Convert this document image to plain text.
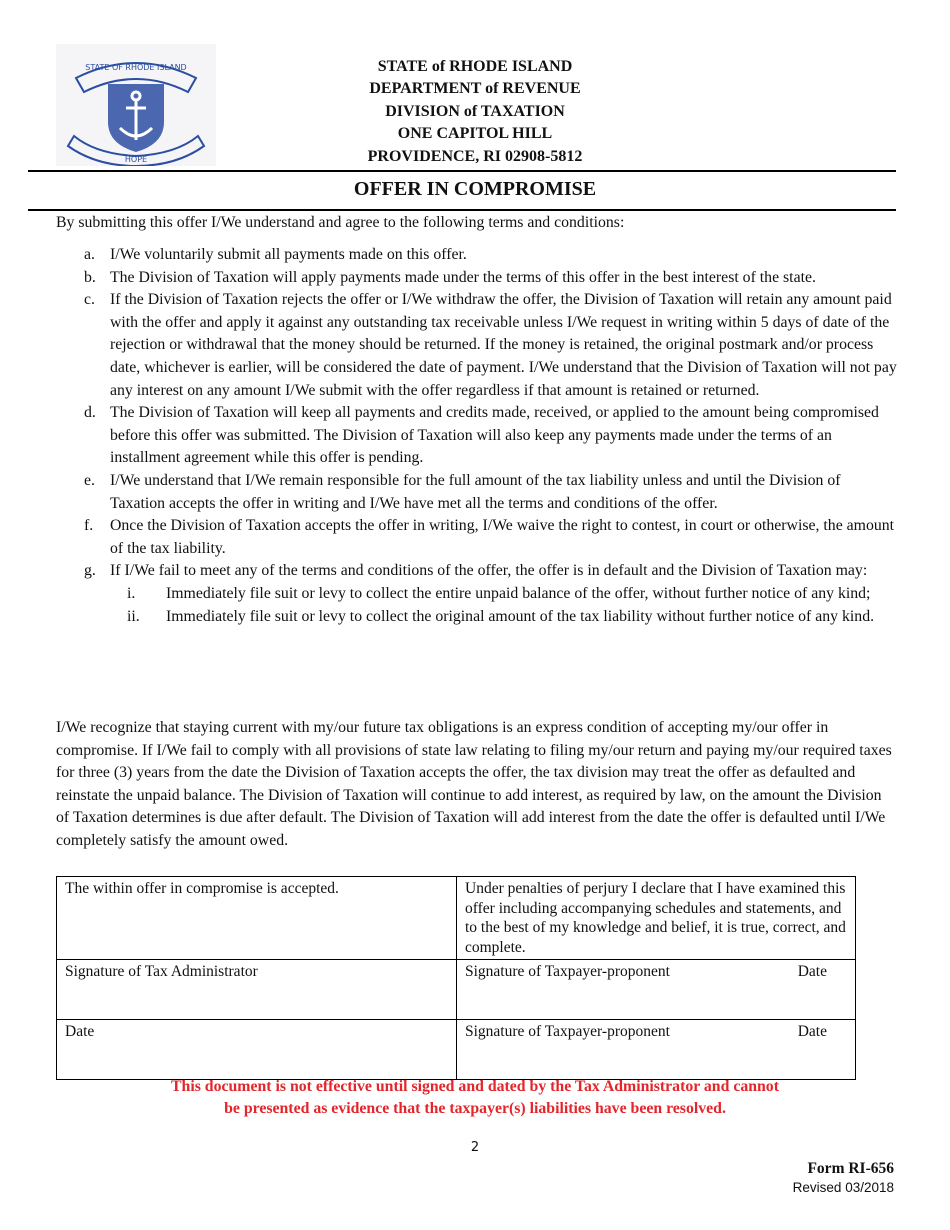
STATE OF RHODE ISLAND
HOPE
STATE of RHODE ISLAND
DEPARTMENT of REVENUE
DIVISION of TAXATION
ONE CAPITOL HILL
PROVIDENCE, RI 02908-5812
OFFER IN COMPROMISE
By submitting this offer I/We understand and agree to the following terms and conditions:
a. I/We voluntarily submit all payments made on this offer.
b. The Division of Taxation will apply payments made under the terms of this offer in the best interest of the state.
c. If the Division of Taxation rejects the offer or I/We withdraw the offer, the Division of Taxation will retain any amount paid with the offer and apply it against any outstanding tax receivable unless I/We request in writing within 5 days of date of the rejection or withdrawal that the money should be returned. If the money is retained, the original postmark and/or process date, whichever is earlier, will be considered the date of payment. I/We understand that the Division of Taxation will not pay any interest on any amount I/We submit with the offer regardless if that amount is retained or returned.
d. The Division of Taxation will keep all payments and credits made, received, or applied to the amount being compromised before this offer was submitted. The Division of Taxation will also keep any payments made under the terms of an installment agreement while this offer is pending.
e. I/We understand that I/We remain responsible for the full amount of the tax liability unless and until the Division of Taxation accepts the offer in writing and I/We have met all the terms and conditions of the offer.
f.	Once the Division of Taxation accepts the offer in writing, I/We waive the right to contest, in court or otherwise, the amount of the tax liability.
g. If I/We fail to meet any of the terms and conditions of the offer, the offer is in default and the Division of Taxation may:
i.	Immediately file suit or levy to collect the entire unpaid balance of the offer, without further notice of any kind;
ii.	Immediately file suit or levy to collect the original amount of the tax liability without further notice of any kind.
I/We recognize that staying current with my/our future tax obligations is an express condition of accepting my/our offer in compromise. If I/We fail to comply with all provisions of state law relating to filing my/our return and paying my/our required taxes for three (3) years from the date the Division of Taxation accepts the offer, the tax division may treat the offer as defaulted and reinstate the unpaid balance. The Division of Taxation will continue to add interest, as required by law, on the amount the Division of Taxation determines is due after default. The Division of Taxation will add interest from the date the offer is defaulted until I/We completely satisfy the amount owed.
The within offer in compromise is accepted.	Under penalties of perjury I declare that I have examined this offer including accompanying schedules and statements, and to the best of my knowledge and belief, it is true, correct, and complete.
Signature of Tax Administrator	Signature of Taxpayer-proponent Date

Date	Signature of Taxpayer-proponent Date
This document is not effective until signed and dated by the Tax Administrator and cannot
be presented as evidence that the taxpayer(s) liabilities have been resolved.
2
Form RI-656
Revised 03/2018
